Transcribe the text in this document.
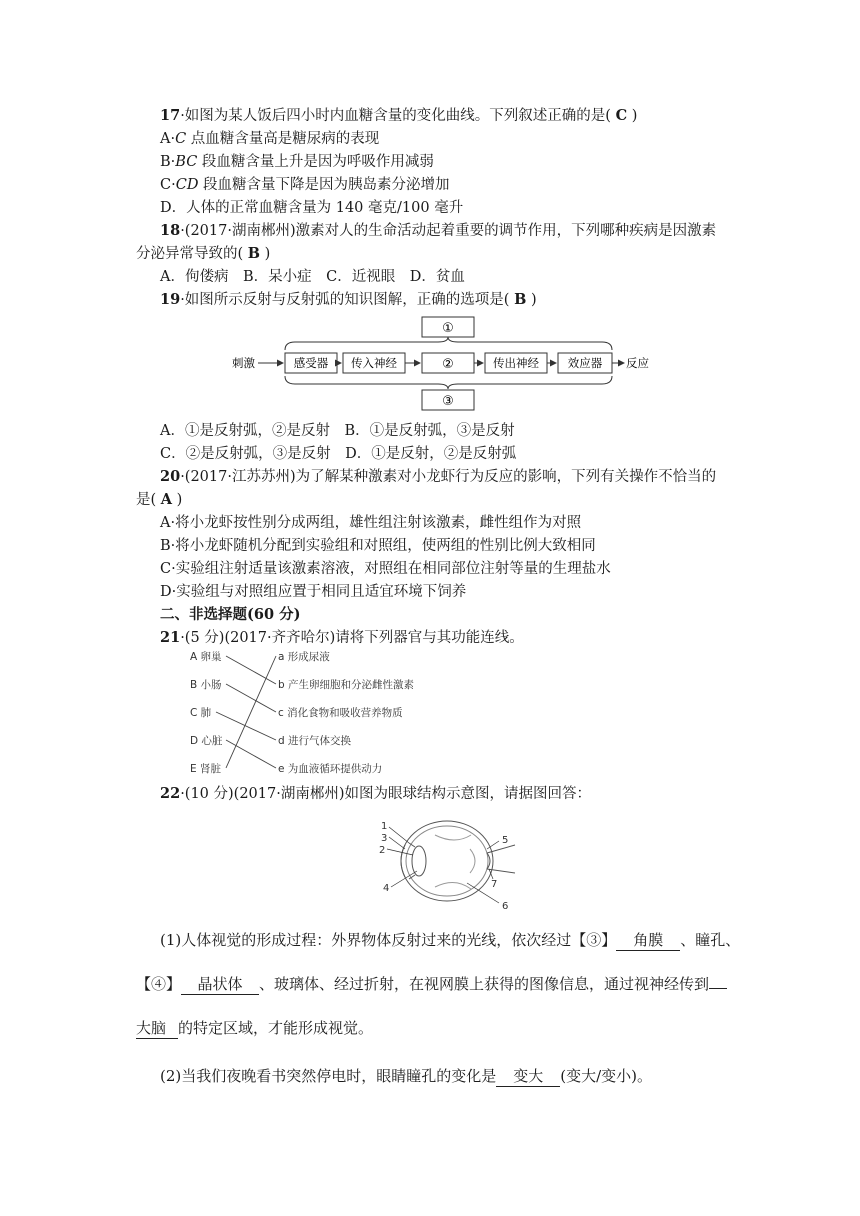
17·如图为某人饭后四小时内血糖含量的变化曲线。下列叙述正确的是( C )
A·C 点血糖含量高是糖尿病的表现
B·BC 段血糖含量上升是因为呼吸作用减弱
C·CD 段血糖含量下降是因为胰岛素分泌增加
D．人体的正常血糖含量为 140 毫克/100 毫升
18·(2017·湖南郴州)激素对人的生命活动起着重要的调节作用，下列哪种疾病是因激素
分泌异常导致的( B )
A．佝偻病　B．呆小症　C．近视眼　D．贫血
19·如图所示反射与反射弧的知识图解，正确的选项是( B )
①
刺激	感受器 传入神经	②	传出神经	效应器 反应
③
A．①是反射弧，②是反射　B．①是反射弧，③是反射
C．②是反射弧，③是反射　D．①是反射，②是反射弧
20·(2017·江苏苏州)为了解某种激素对小龙虾行为反应的影响，下列有关操作不恰当的
是( A )
A·将小龙虾按性别分成两组，雄性组注射该激素，雌性组作为对照
B·将小龙虾随机分配到实验组和对照组，使两组的性别比例大致相同
C·实验组注射适量该激素溶液，对照组在相同部位注射等量的生理盐水
D·实验组与对照组应置于相同且适宜环境下饲养
二、非选择题(60 分)
21·(5 分)(2017·齐齐哈尔)请将下列器官与其功能连线。
A 卵巢
B 小肠
C 肺
D 心脏
E 肾脏
a 形成尿液
b 产生卵细胞和分泌雌性激素
c 消化食物和吸收营养物质
d 进行气体交换
e 为血液循环提供动力
22·(10 分)(2017·湖南郴州)如图为眼球结构示意图，请据图回答：
1
3
2
4
5
7
6
(1)人体视觉的形成过程：外界物体反射过来的光线，依次经过【③】 角膜 、瞳孔、
【④】 晶状体 、玻璃体、经过折射，在视网膜上获得的图像信息，通过视神经传到
大脑 的特定区域，才能形成视觉。
(2)当我们夜晚看书突然停电时，眼睛瞳孔的变化是 变大 (变大/变小)。
